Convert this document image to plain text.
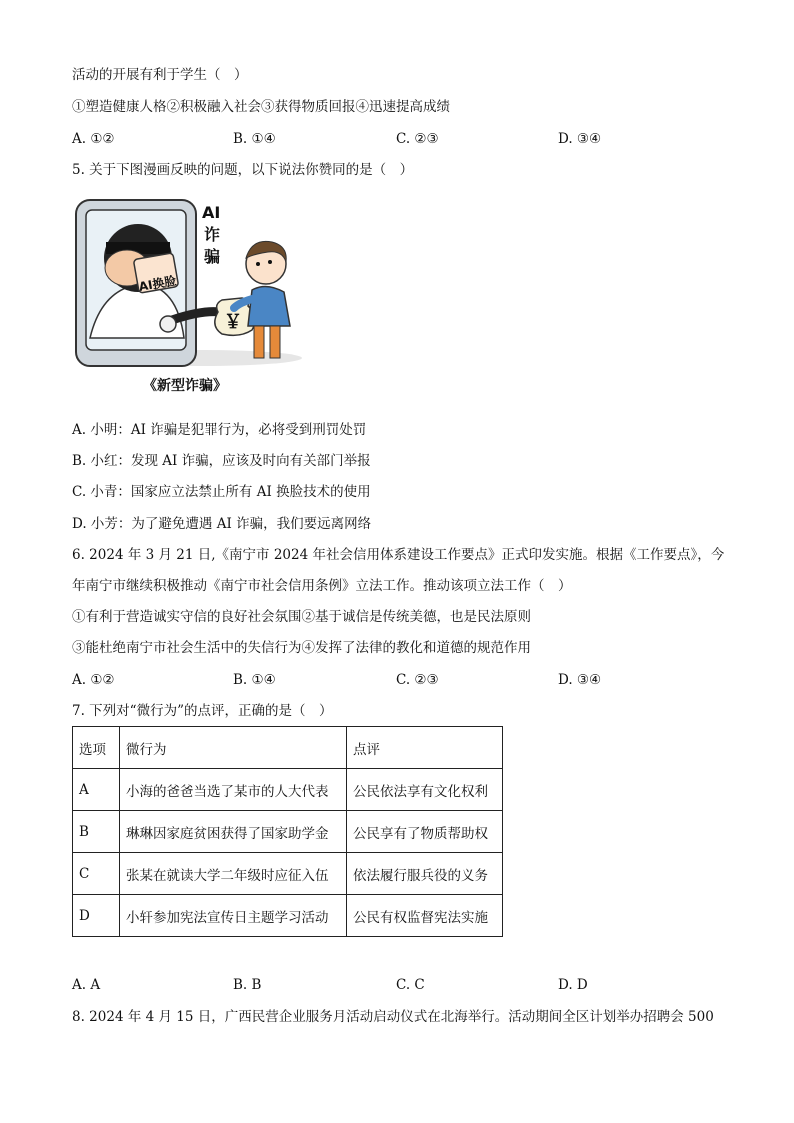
活动的开展有利于学生（　）
①塑造健康人格②积极融入社会③获得物质回报④迅速提高成绩
A. ①②	B. ①④	C. ②③	D. ③④
5. 关于下图漫画反映的问题，以下说法你赞同的是（　）
AI换脸
￥
AI
诈
骗
《新型诈骗》
A. 小明：AI 诈骗是犯罪行为，必将受到刑罚处罚
B. 小红：发现 AI 诈骗，应该及时向有关部门举报
C. 小青：国家应立法禁止所有 AI 换脸技术的使用
D. 小芳：为了避免遭遇 AI 诈骗，我们要远离网络
6. 2024 年 3 月 21 日,《南宁市 2024 年社会信用体系建设工作要点》正式印发实施。根据《工作要点》，今
年南宁市继续积极推动《南宁市社会信用条例》立法工作。推动该项立法工作（　）
①有利于营造诚实守信的良好社会氛围②基于诚信是传统美德，也是民法原则
③能杜绝南宁市社会生活中的失信行为④发挥了法律的教化和道德的规范作用
A. ①②	B. ①④	C. ②③	D. ③④
7. 下列对“微行为”的点评，正确的是（　）
选项	微行为	点评
A	小海的爸爸当选了某市的人大代表	公民依法享有文化权利
B	琳琳因家庭贫困获得了国家助学金	公民享有了物质帮助权
C	张某在就读大学二年级时应征入伍	依法履行服兵役的义务
D	小轩参加宪法宣传日主题学习活动	公民有权监督宪法实施
A. A	B. B	C. C	D. D
8. 2024 年 4 月 15 日，广西民营企业服务月活动启动仪式在北海举行。活动期间全区计划举办招聘会 500
